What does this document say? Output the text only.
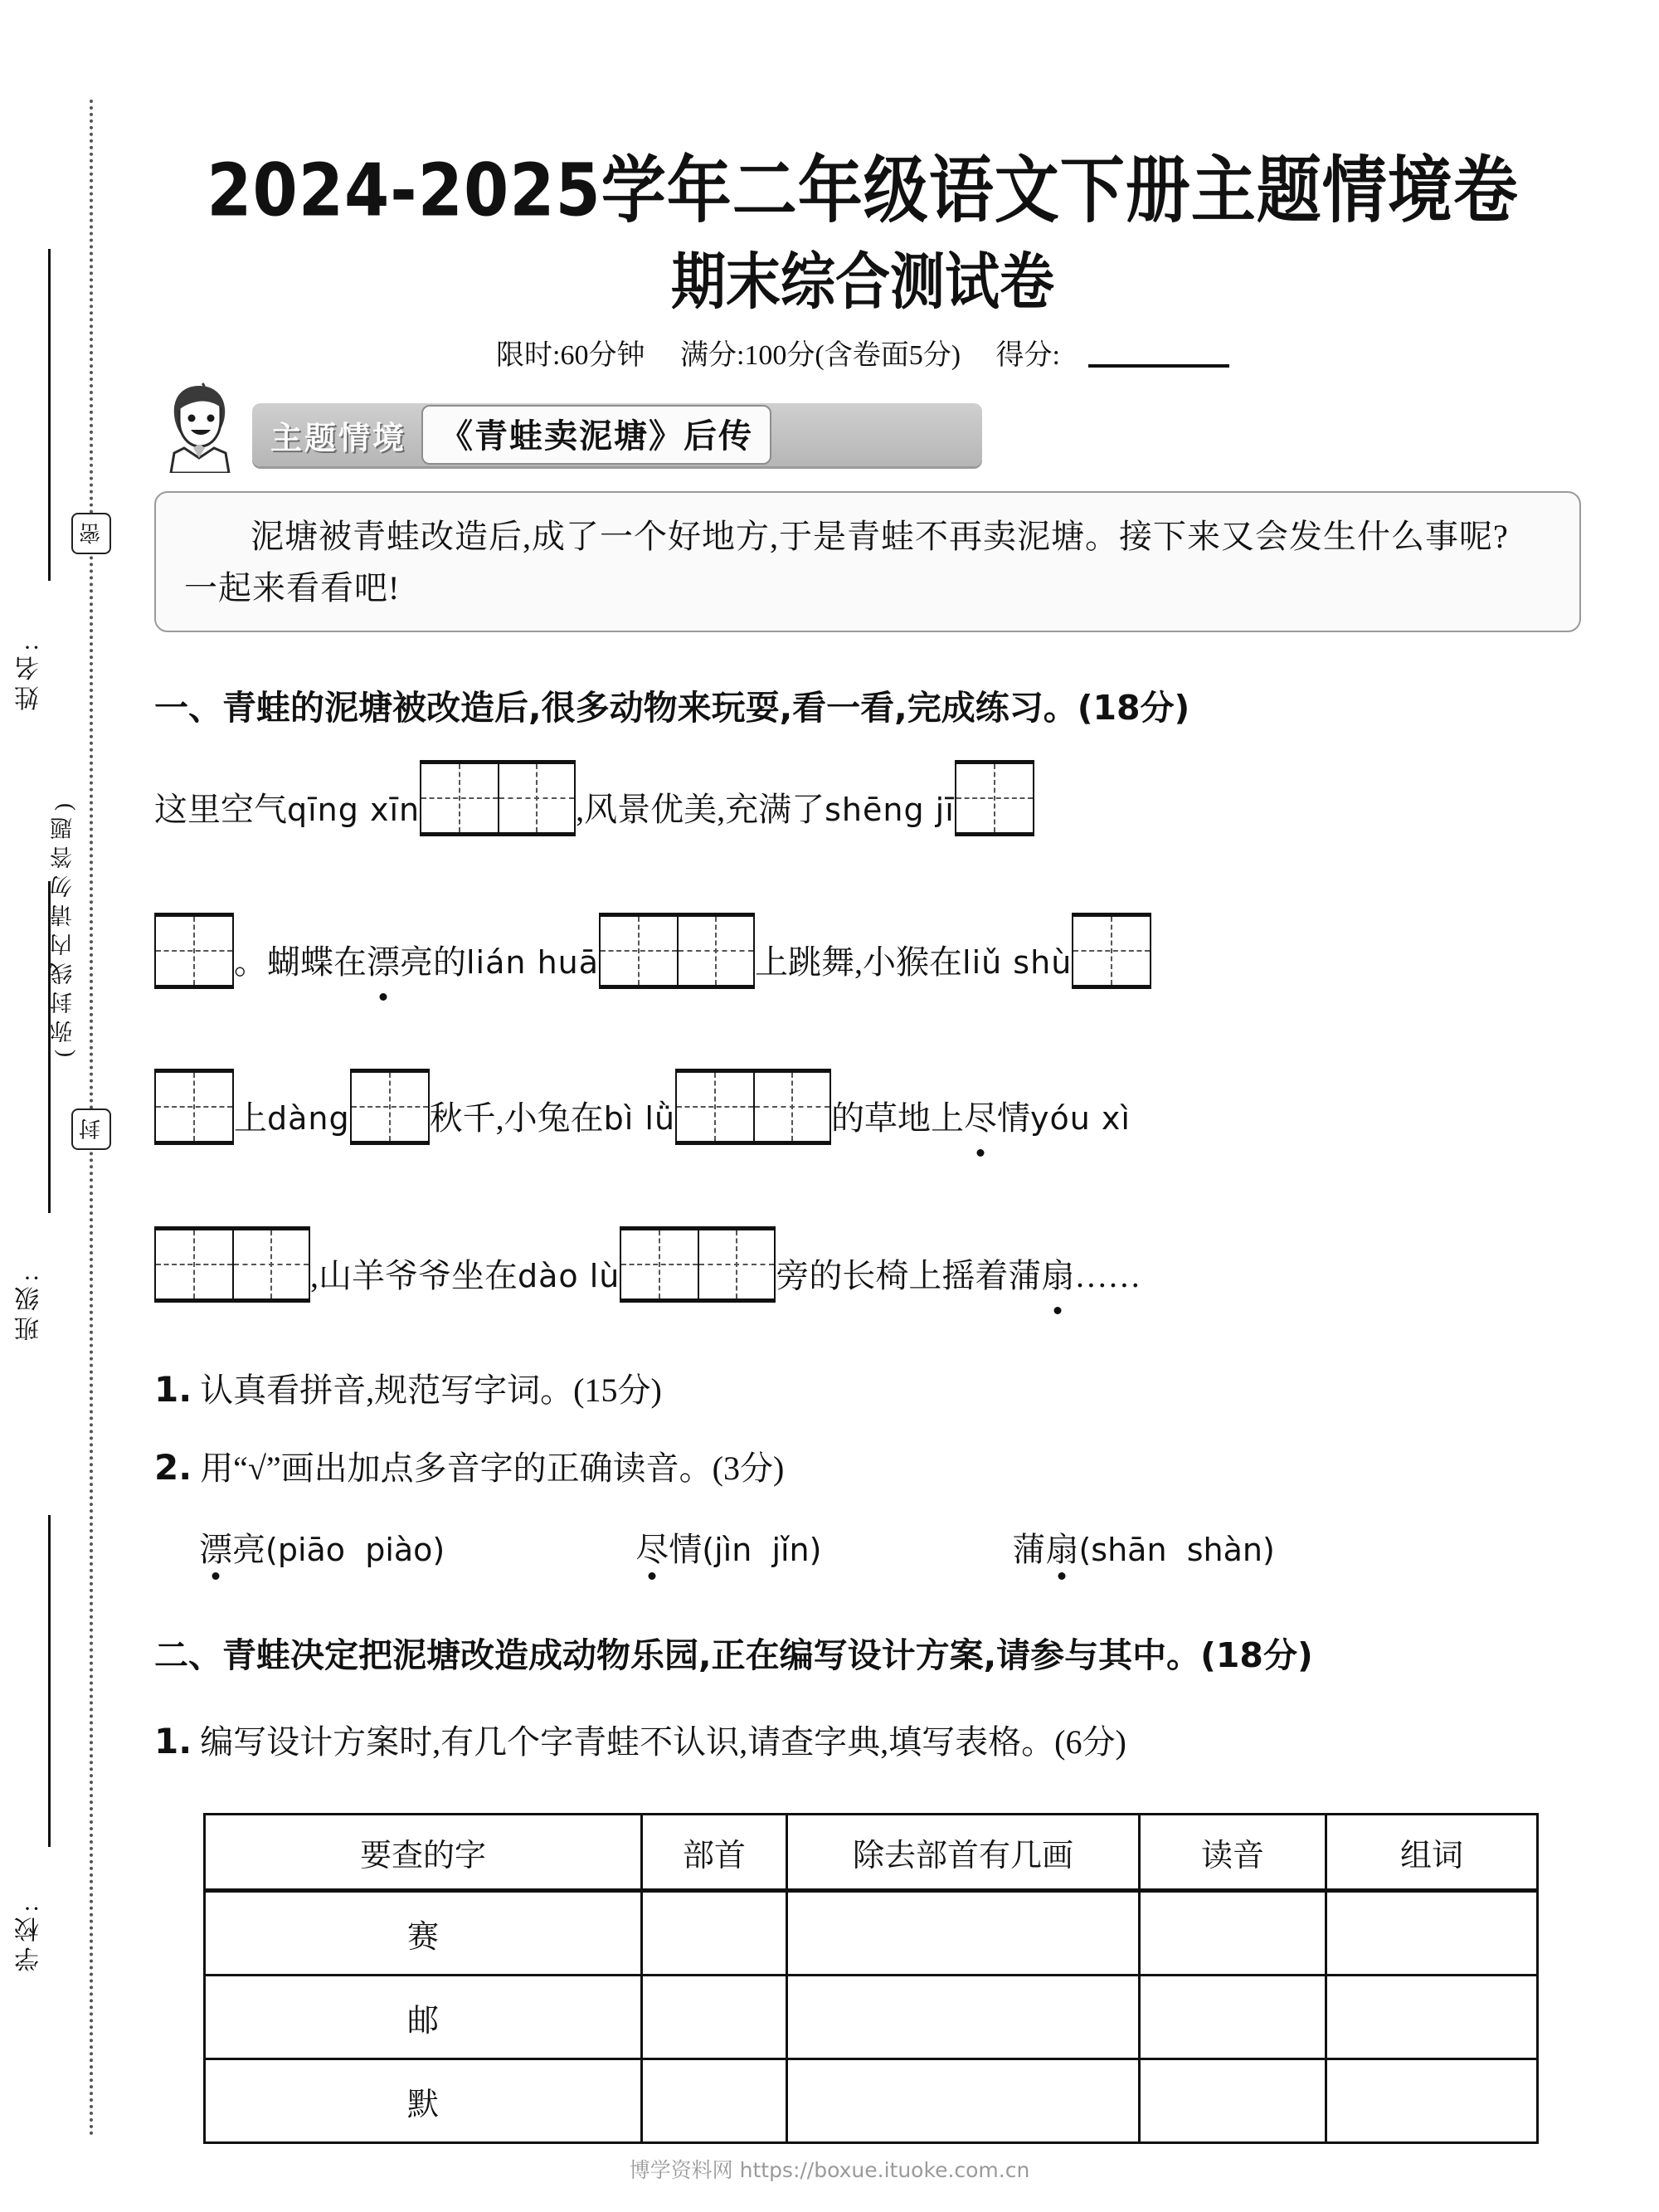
姓名:
班级:
学校:
(弥封线内请勿答题)
密
封
2024-2025学年二年级语文下册主题情境卷
期末综合测试卷
限时:60分钟 满分:100分(含卷面5分) 得分:
主题情境	《青蛙卖泥塘》后传
泥塘被青蛙改造后,成了一个好地方,于是青蛙不再卖泥塘。接下来又会发生什么事呢? 一起来看看吧!
一、青蛙的泥塘被改造后,很多动物来玩耍,看一看,完成练习。(18分)
这里空气qīng xīn	,风景优美,充满了shēng jī
。蝴蝶在漂亮的lián huā	上跳舞,小猴在liǔ shù
上dàng 秋千,小兔在bì lǜ	的草地上尽情yóu xì
,山羊爷爷坐在dào lù	旁的长椅上摇着蒲扇……
1. 认真看拼音,规范写字词。(15分)
2. 用“√”画出加点多音字的正确读音。(3分)
漂亮(piāo  piào)	尽情(jìn  jǐn)	蒲扇(shān  shàn)
二、青蛙决定把泥塘改造成动物乐园,正在编写设计方案,请参与其中。(18分)
1. 编写设计方案时,有几个字青蛙不认识,请查字典,填写表格。(6分)
要查的字	部首	除去部首有几画	读音	组词
赛				
邮				
默				
博学资料网 https://boxue.ituoke.com.cn
